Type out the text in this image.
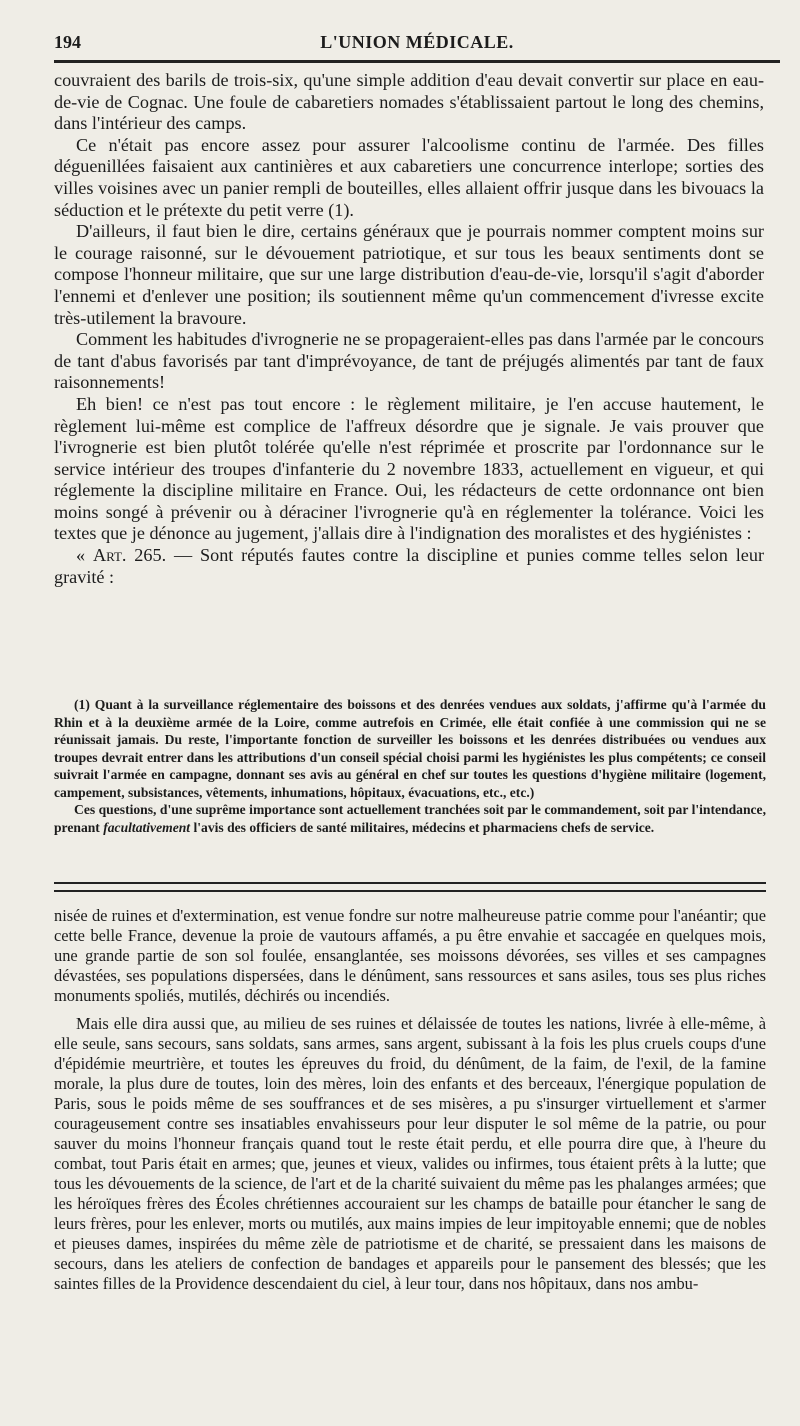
194	L'UNION MÉDICALE.

couvraient des barils de trois-six, qu'une simple addition d'eau devait convertir sur place en eau-de-vie de Cognac. Une foule de cabaretiers nomades s'établissaient partout le long des chemins, dans l'intérieur des camps.

Ce n'était pas encore assez pour assurer l'alcoolisme continu de l'armée. Des filles déguenillées faisaient aux cantinières et aux cabaretiers une concurrence interlope; sorties des villes voisines avec un panier rempli de bouteilles, elles allaient offrir jusque dans les bivouacs la séduction et le prétexte du petit verre (1).

D'ailleurs, il faut bien le dire, certains généraux que je pourrais nommer comptent moins sur le courage raisonné, sur le dévouement patriotique, et sur tous les beaux sentiments dont se compose l'honneur militaire, que sur une large distribution d'eau-de-vie, lorsqu'il s'agit d'aborder l'ennemi et d'enlever une position; ils soutiennent même qu'un commencement d'ivresse excite très-utilement la bravoure.

Comment les habitudes d'ivrognerie ne se propageraient-elles pas dans l'armée par le concours de tant d'abus favorisés par tant d'imprévoyance, de tant de préjugés alimentés par tant de faux raisonnements!

Eh bien! ce n'est pas tout encore : le règlement militaire, je l'en accuse hautement, le règlement lui-même est complice de l'affreux désordre que je signale. Je vais prouver que l'ivrognerie est bien plutôt tolérée qu'elle n'est réprimée et proscrite par l'ordonnance sur le service intérieur des troupes d'infanterie du 2 novembre 1833, actuellement en vigueur, et qui réglemente la discipline militaire en France. Oui, les rédacteurs de cette ordonnance ont bien moins songé à prévenir ou à déraciner l'ivrognerie qu'à en réglementer la tolérance. Voici les textes que je dénonce au jugement, j'allais dire à l'indignation des moralistes et des hygiénistes :

« Art. 265. — Sont réputés fautes contre la discipline et punies comme telles selon leur gravité :

(1) Quant à la surveillance réglementaire des boissons et des denrées vendues aux soldats, j'affirme qu'à l'armée du Rhin et à la deuxième armée de la Loire, comme autrefois en Crimée, elle était confiée à une commission qui ne se réunissait jamais. Du reste, l'importante fonction de surveiller les boissons et les denrées distribuées ou vendues aux troupes devrait entrer dans les attributions d'un conseil spécial choisi parmi les hygiénistes les plus compétents; ce conseil suivrait l'armée en campagne, donnant ses avis au général en chef sur toutes les questions d'hygiène militaire (logement, campement, subsistances, vêtements, inhumations, hôpitaux, évacuations, etc., etc.)

Ces questions, d'une suprême importance sont actuellement tranchées soit par le commandement, soit par l'intendance, prenant facultativement l'avis des officiers de santé militaires, médecins et pharmaciens chefs de service.

nisée de ruines et d'extermination, est venue fondre sur notre malheureuse patrie comme pour l'anéantir; que cette belle France, devenue la proie de vautours affamés, a pu être envahie et saccagée en quelques mois, une grande partie de son sol foulée, ensanglantée, ses moissons dévorées, ses villes et ses campagnes dévastées, ses populations dispersées, dans le dénûment, sans ressources et sans asiles, tous ses plus riches monuments spoliés, mutilés, déchirés ou incendiés.

Mais elle dira aussi que, au milieu de ses ruines et délaissée de toutes les nations, livrée à elle-même, à elle seule, sans secours, sans soldats, sans armes, sans argent, subissant à la fois les plus cruels coups d'une d'épidémie meurtrière, et toutes les épreuves du froid, du dénûment, de la faim, de l'exil, de la famine morale, la plus dure de toutes, loin des mères, loin des enfants et des berceaux, l'énergique population de Paris, sous le poids même de ses souffrances et de ses misères, a pu s'insurger virtuellement et s'armer courageusement contre ses insatiables envahisseurs pour leur disputer le sol même de la patrie, ou pour sauver du moins l'honneur français quand tout le reste était perdu, et elle pourra dire que, à l'heure du combat, tout Paris était en armes; que, jeunes et vieux, valides ou infirmes, tous étaient prêts à la lutte; que tous les dévouements de la science, de l'art et de la charité suivaient du même pas les phalanges armées; que les héroïques frères des Écoles chrétiennes accouraient sur les champs de bataille pour étancher le sang de leurs frères, pour les enlever, morts ou mutilés, aux mains impies de leur impitoyable ennemi; que de nobles et pieuses dames, inspirées du même zèle de patriotisme et de charité, se pressaient dans les maisons de secours, dans les ateliers de confection de bandages et appareils pour le pansement des blessés; que les saintes filles de la Providence descendaient du ciel, à leur tour, dans nos hôpitaux, dans nos ambu-
